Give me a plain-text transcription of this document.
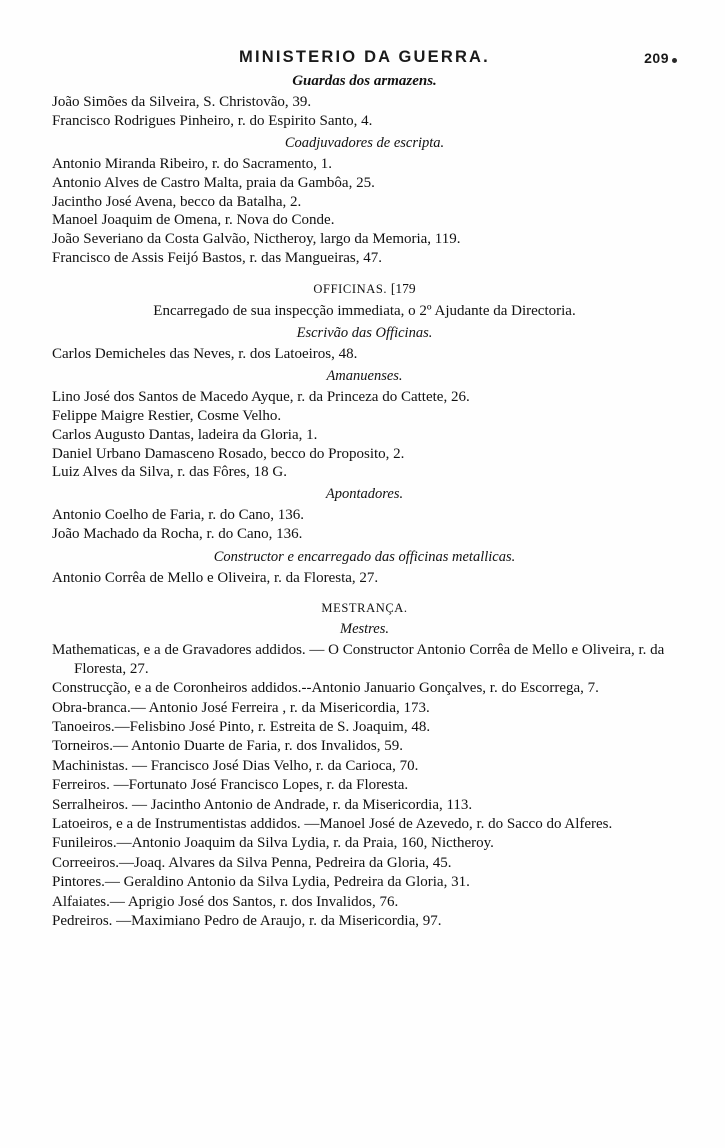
MINISTERIO DA GUERRA.	209
Guardas dos armazens.
João Simões da Silveira, S. Christovão, 39.
Francisco Rodrigues Pinheiro, r. do Espirito Santo, 4.
Coadjuvadores de escripta.
Antonio Miranda Ribeiro, r. do Sacramento, 1.
Antonio Alves de Castro Malta, praia da Gambôa, 25.
Jacintho José Avena, becco da Batalha, 2.
Manoel Joaquim de Omena, r. Nova do Conde.
João Severiano da Costa Galvão, Nictheroy, largo da Memoria, 119.
Francisco de Assis Feijó Bastos, r. das Mangueiras, 47.
OFFICINAS. [179
Encarregado de sua inspecção immediata, o 2º Ajudante da Directoria.
Escrivão das Officinas.
Carlos Demicheles das Neves, r. dos Latoeiros, 48.
Amanuenses.
Lino José dos Santos de Macedo Ayque, r. da Princeza do Cattete, 26.
Felippe Maigre Restier, Cosme Velho.
Carlos Augusto Dantas, ladeira da Gloria, 1.
Daniel Urbano Damasceno Rosado, becco do Proposito, 2.
Luiz Alves da Silva, r. das Fôres, 18 G.
Apontadores.
Antonio Coelho de Faria, r. do Cano, 136.
João Machado da Rocha, r. do Cano, 136.
Constructor e encarregado das officinas metallicas.
Antonio Corrêa de Mello e Oliveira, r. da Floresta, 27.
MESTRANÇA.
Mestres.
Mathematicas, e a de Gravadores addidos. — O Constructor Antonio Corrêa de Mello e Oliveira, r. da Floresta, 27.
Construcção, e a de Coronheiros addidos.--Antonio Januario Gonçalves, r. do Escorrega, 7.
Obra-branca.— Antonio José Ferreira , r. da Misericordia, 173.
Tanoeiros.—Felisbino José Pinto, r. Estreita de S. Joaquim, 48.
Torneiros.— Antonio Duarte de Faria, r. dos Invalidos, 59.
Machinistas. — Francisco José Dias Velho, r. da Carioca, 70.
Ferreiros. —Fortunato José Francisco Lopes, r. da Floresta.
Serralheiros. — Jacintho Antonio de Andrade, r. da Misericordia, 113.
Latoeiros, e a de Instrumentistas addidos. —Manoel José de Azevedo, r. do Sacco do Alferes.
Funileiros.—Antonio Joaquim da Silva Lydia, r. da Praia, 160, Nictheroy.
Correeiros.—Joaq. Alvares da Silva Penna, Pedreira da Gloria, 45.
Pintores.— Geraldino Antonio da Silva Lydia, Pedreira da Gloria, 31.
Alfaiates.— Aprigio José dos Santos, r. dos Invalidos, 76.
Pedreiros. —Maximiano Pedro de Araujo, r. da Misericordia, 97.
